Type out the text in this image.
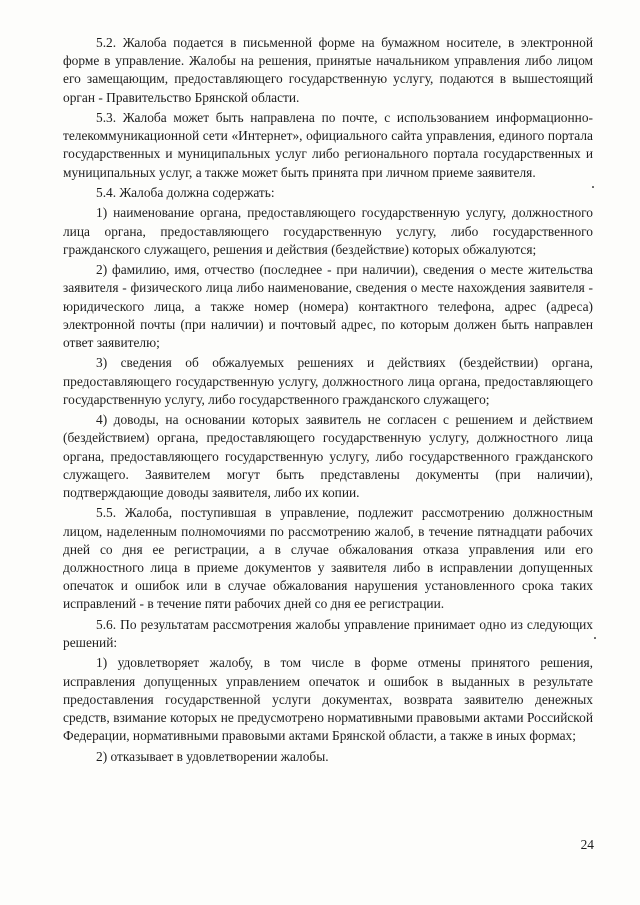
5.2. Жалоба подается в письменной форме на бумажном носителе, в электронной форме в управление. Жалобы на решения, принятые начальником управления либо лицом его замещающим, предоставляющего государственную услугу, подаются в вышестоящий орган - Правительство Брянской области.

5.3. Жалоба может быть направлена по почте, с использованием информационно-телекоммуникационной сети «Интернет», официального сайта управления, единого портала государственных и муниципальных услуг либо регионального портала государственных и муниципальных услуг, а также может быть принята при личном приеме заявителя.

5.4. Жалоба должна содержать:

1) наименование органа, предоставляющего государственную услугу, должностного лица органа, предоставляющего государственную услугу, либо государственного гражданского служащего, решения и действия (бездействие) которых обжалуются;

2) фамилию, имя, отчество (последнее - при наличии), сведения о месте жительства заявителя - физического лица либо наименование, сведения о месте нахождения заявителя - юридического лица, а также номер (номера) контактного телефона, адрес (адреса) электронной почты (при наличии) и почтовый адрес, по которым должен быть направлен ответ заявителю;

3) сведения об обжалуемых решениях и действиях (бездействии) органа, предоставляющего государственную услугу, должностного лица органа, предоставляющего государственную услугу, либо государственного гражданского служащего;

4) доводы, на основании которых заявитель не согласен с решением и действием (бездействием) органа, предоставляющего государственную услугу, должностного лица органа, предоставляющего государственную услугу, либо государственного гражданского служащего. Заявителем могут быть представлены документы (при наличии), подтверждающие доводы заявителя, либо их копии.

5.5. Жалоба, поступившая в управление, подлежит рассмотрению должностным лицом, наделенным полномочиями по рассмотрению жалоб, в течение пятнадцати рабочих дней со дня ее регистрации, а в случае обжалования отказа управления или его должностного лица в приеме документов у заявителя либо в исправлении допущенных опечаток и ошибок или в случае обжалования нарушения установленного срока таких исправлений - в течение пяти рабочих дней со дня ее регистрации.

5.6. По результатам рассмотрения жалобы управление принимает одно из следующих решений:

1) удовлетворяет жалобу, в том числе в форме отмены принятого решения, исправления допущенных управлением опечаток и ошибок в выданных в результате предоставления государственной услуги документах, возврата заявителю денежных средств, взимание которых не предусмотрено нормативными правовыми актами Российской Федерации, нормативными правовыми актами Брянской области, а также в иных формах;

2) отказывает в удовлетворении жалобы.

24
